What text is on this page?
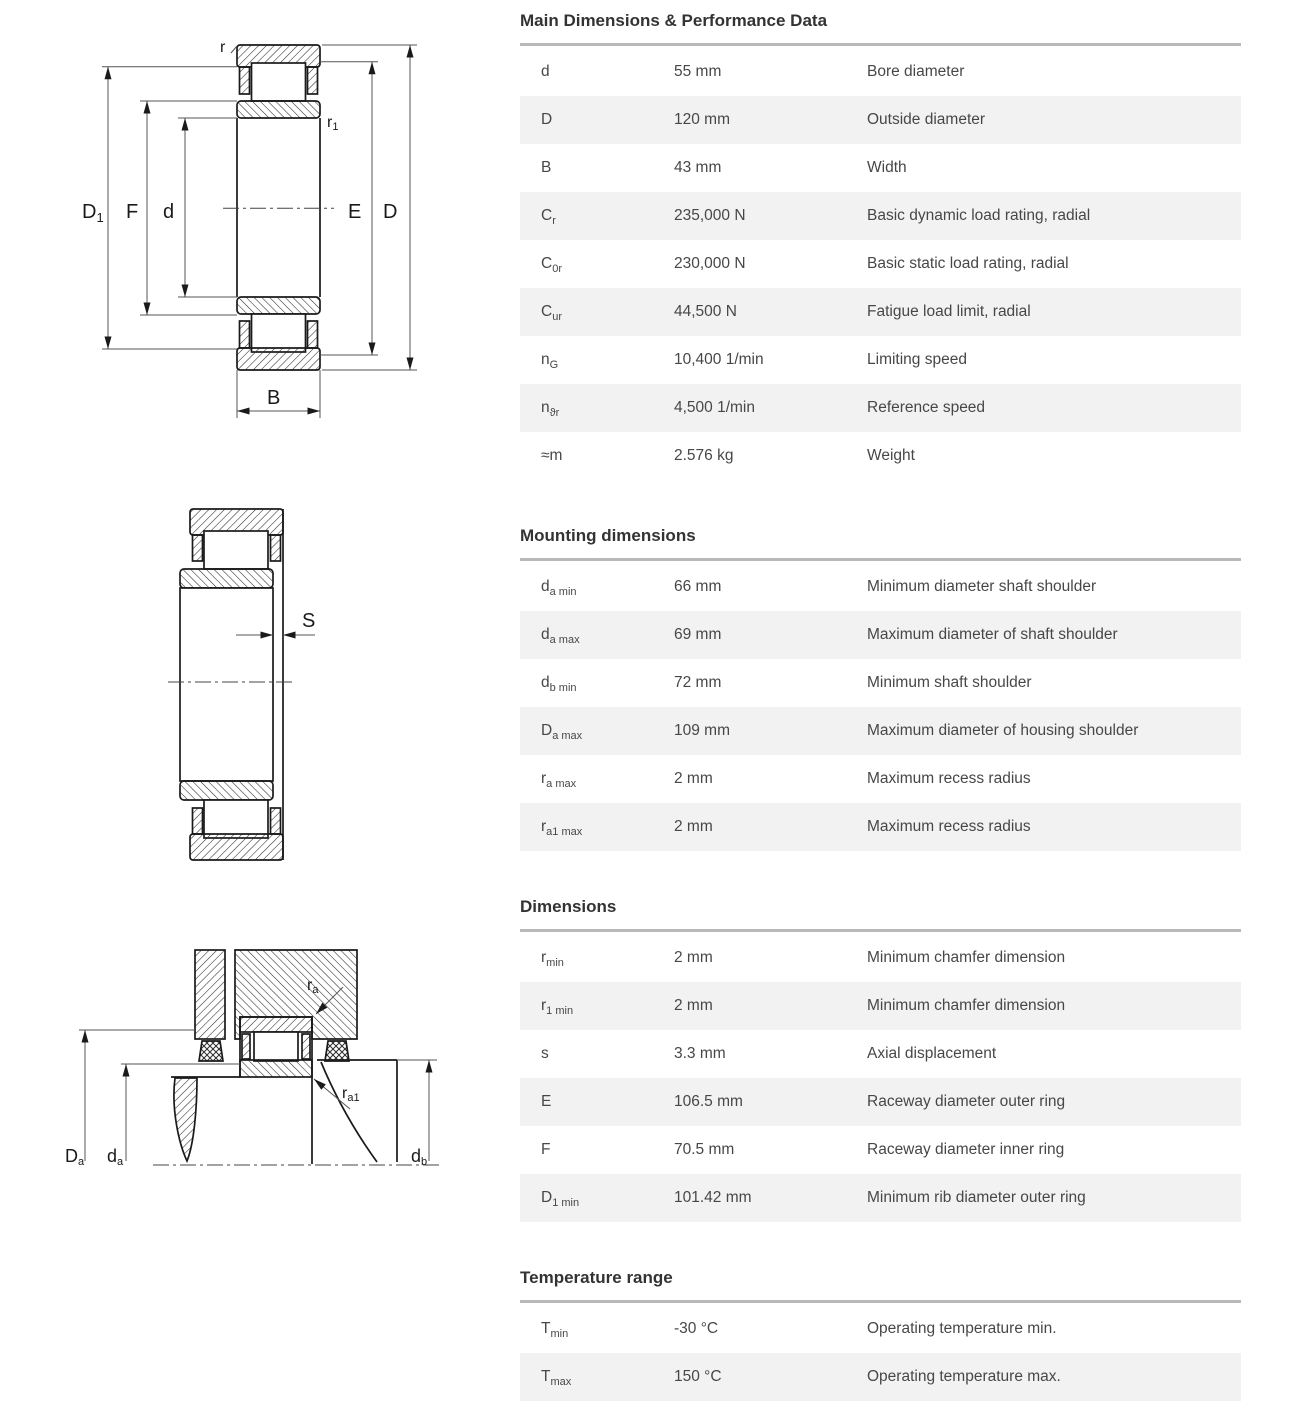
$D_1$ F d	E D
B
r
r1
S
ra
ra1
Da da	db
Main Dimensions & Performance Data
d	55 mm	Bore diameter
D	120 mm	Outside diameter
B	43 mm	Width
$C_r$	235,000 N	Basic dynamic load rating, radial
$C_{0r}$	230,000 N	Basic static load rating, radial
$C_{ur}$	44,500 N	Fatigue load limit, radial
$n_G$	10,400 1/min	Limiting speed
$n_{ϑr}$	4,500 1/min	Reference speed
≈m	2.576 kg	Weight
Mounting dimensions
$d_{a min}$	66 mm	Minimum diameter shaft shoulder
$d_{a max}$	69 mm	Maximum diameter of shaft shoulder
$d_{b min}$	72 mm	Minimum shaft shoulder
$D_{a max}$	109 mm	Maximum diameter of housing shoulder
$r_{a max}$	2 mm	Maximum recess radius
$r_{a1 max}$	2 mm	Maximum recess radius
Dimensions
$r_{min}$	2 mm	Minimum chamfer dimension
$r_{1 min}$	2 mm	Minimum chamfer dimension
s	3.3 mm	Axial displacement
E	106.5 mm	Raceway diameter outer ring
F	70.5 mm	Raceway diameter inner ring
$D_{1 min}$	101.42 mm	Minimum rib diameter outer ring
Temperature range
$T_{min}$	-30 °C	Operating temperature min.
$T_{max}$	150 °C	Operating temperature max.
